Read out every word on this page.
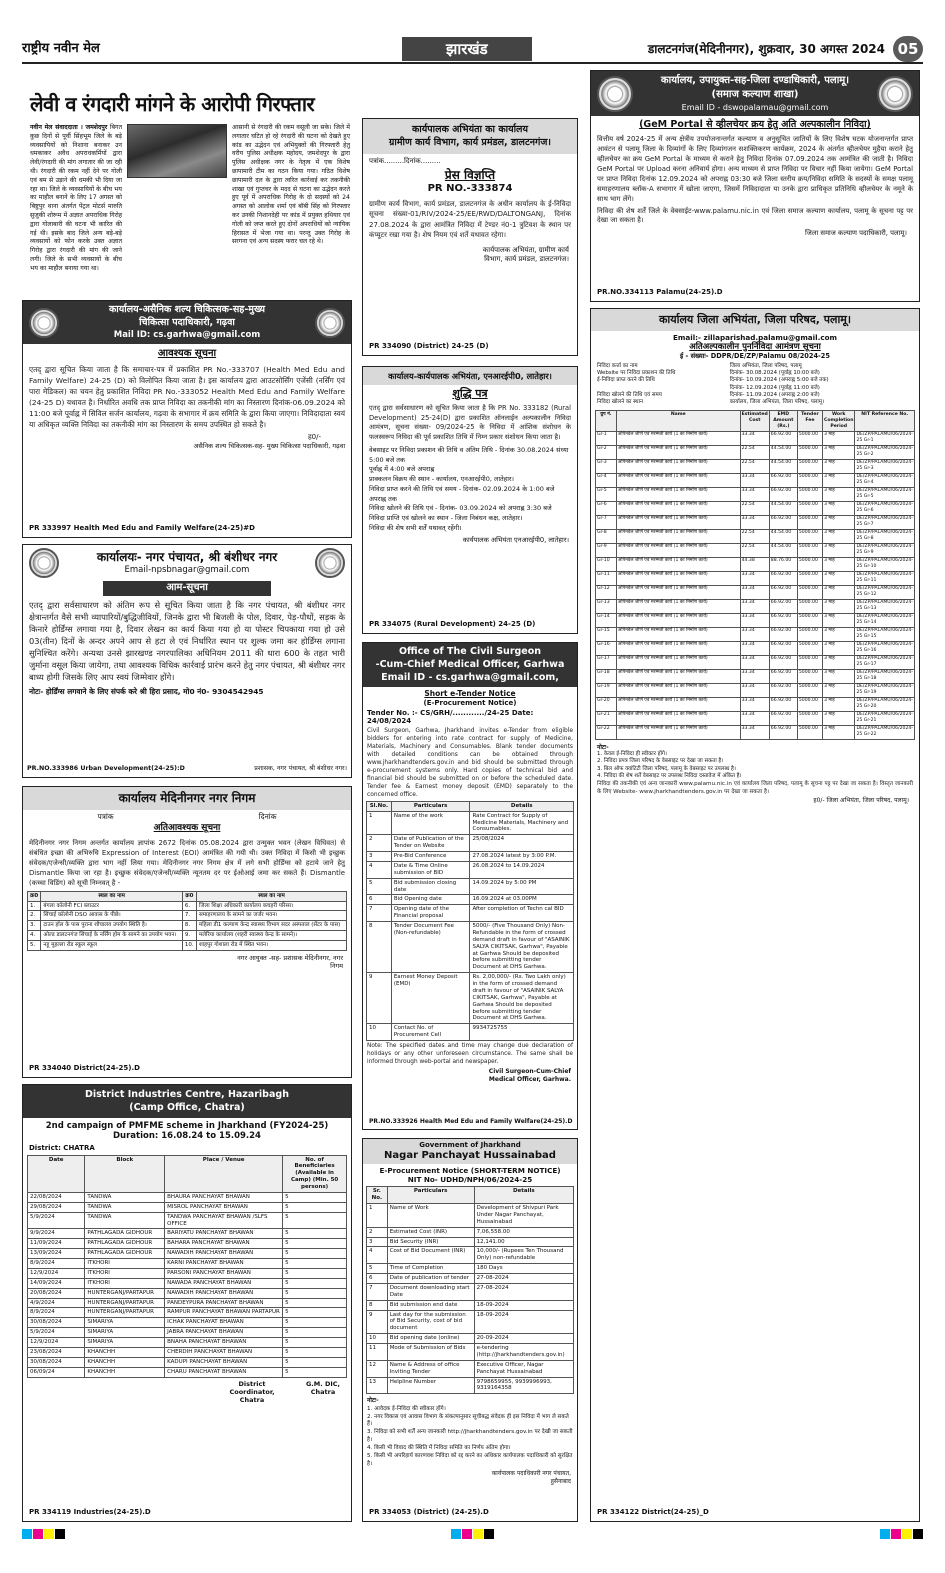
राष्ट्रीय नवीन मेल	झारखंड	डालटनगंज(मेदिनीनगर), शुक्रवार, 30 अगस्त 2024 05
लेवी व रंगदारी मांगने के आरोपी गिरफ्तार
नवीन मेल संवाददाता । जमशेदपुर बिगत कुछ दिनों से पूर्वी सिंहभूम जिले के बड़े व्यवसायियों को निशाना बनाकर उन धमकाकर अवैध अपराधकर्मियों द्वारा लेवी/रंगदारी की मांग लगातार की जा रही थी। रंगदारी की रकम नहीं देने पर गोली एवं बम से उड़ाने की धमकी भी दिया जा रहा था। जिले के व्यवसायियों के बीच भय का माहौल बनाने के लिए 17 अगस्त को बिष्टुपुर थाना अंतर्गत पेंट्रल मोटर्स मारुति सुजुकी शोरूम में अज्ञात अपराधिक गिरोह द्वारा गोलाबारी की घटना भी कारित की गई थी। इसके बाद जिले अन्य बड़े-बड़े व्यवसायों को फोन करके उक्त अज्ञात गिरोह द्वारा रंगदारी की मांग की जाने लगी। जिले के सभी व्यवसायों के बीच भय का माहौल बनाया गया था।
आसानी से रंगदारी की रकम वसूली जा सके। जिले में लगातार घटित हो रहे रंगदारी की घटना को देखते हुए कांड का उद्भेदन एवं अभियुक्तों की गिरफ्तारी हेतु वरीय पुलिस अधीक्षक महोदय, जमशेदपुर के द्वारा पुलिस अधीक्षक नगर के नेतृत्व में एक विशेष छापामारी टीम का गठन किया गया। गठित विशेष छापामारी दल के द्वारा त्वरित कार्रवाई कर तकनीकी शाखा एवं गुप्तचर के मदद से घटना का उद्भेदन करते हुए पूर्व में अपराधिक गिरोह के दो सदस्यों को 24 अगस्त को आलोक शर्मा एवं बॉबी सिंह को गिरफ्तार कर उनकी निशानदेही पर कांड में प्रयुक्त हथियार एवं गोली को जप्त करते हुए दोनों अपराधियों को न्यायिक हिरासत में भेजा गया था। परन्तु उक्त गिरोह के सरगना एवं अन्य सदस्य फरार चल रहे थे।
कार्यालय-असैनिक शल्य चिकित्सक-सह-मुख्य
चिकित्सा पदाधिकारी, गढ़वा
Mail ID: cs.garhwa@gmail.com
आवश्यक सूचना
एतद् द्वारा सूचित किया जाता है कि समाचार-पत्र में प्रकाशित PR No.-333707 (Health Med Edu and Family Welfare) 24-25 (D) को विलोपित किया जाता है। इस कार्यालय द्वारा आउटसोर्सिंग एजेंसी (नर्सिंग एवं पारा मेडिकल) का चयन हेतु प्रकाशित निविदा PR No.-333052 Health Med Edu and Family Welfare (24-25 D) यथावत है। निर्धारित अवधि तक प्राप्त निविदा का तकनीकी मांग का निस्तारण दिनांक-06.09.2024 को 11:00 बजे पूर्वाह्न में सिविल सर्जन कार्यालय, गढ़वा के सभागार में क्रय समिति के द्वारा किया जाएगा। निविदादाता स्वयं या अधिकृत व्यक्ति निविदा का तकनीकी मांग का निस्तारण के समय उपस्थित हो सकते है।
ह0/-
असैनिक शल्य चिकित्सक-सह- मुख्य चिकित्सा पदाधिकारी, गढ़वा
PR 333997 Health Med Edu and Family Welfare(24-25)#D
कार्यालयः- नगर पंचायत, श्री बंशीधर नगर
Email-npsbnagar@gmail.com
आम-सूचना
एतद् द्वारा सर्वसाधारण को अंतिम रूप से सूचित किया जाता है कि नगर पंचायत, श्री बंशीधर नगर क्षेत्रान्तर्गत वैसे सभी व्यापारियों/बुद्धिजीवियों, जिनके द्वारा भी बिजली के पोल, दिवार, पेड़-पौधों, सड़क के किनारे होर्डिंग्स लगाया गया है, दिवार लेखन का कार्य किया गया हो या पोस्टर चिपकाया गया हो उसे 03(तीन) दिनों के अन्दर अपने आप से हटा ले एवं निर्धारित स्थान पर शुल्क जमा कर होर्डिंग्स लगाना सुनिश्चित करेंगे। अन्यथा उनसे झारखण्ड नगरपालिका अधिनियम 2011 की धारा 600 के तहत भारी जुर्माना वसूल किया जायेगा, तथा आवश्यक विधिक कार्रवाई प्रारंभ करने हेतु नगर पंचायत, श्री बंशीधर नगर बाध्य होगी जिसके लिए आप स्वयं जिम्मेवार होंगे।
नोटः- होर्डिंग्स लगवाने के लिए संपर्क करे श्री हिरा प्रसाद, मो0 नं0- 9304542945
PR.NO.333986 Urban Development(24-25):D	प्रशासक, नगर पंचायत, श्री बंशीधर नगर।
कार्यालय मेदिनीनगर नगर निगम
पत्रांक	दिनांक
अतिआवश्यक सूचना
मेदिनीनगर नगर निगम अन्तर्गत कार्यालय ज्ञापांक 2672 दिनांक 05.08.2024 द्वारा उन्मुक्त भवन (लेखन विधिवत) से संबंधित इच्छा की अभिरुचि Expression of Interest (EOI) आमंत्रित की गयी थी। उक्त निविदा में किसी भी इच्छुक संवेदक/एजेन्सी/व्यक्ति द्वारा भाग नहीं लिया गया। मेदिनीनगर नगर निगम क्षेत्र में लगे सभी होर्डिंग्स को हटाये जाने हेतु Dismantle किया जा रहा है। इच्छुक संवेदक/एजेन्सी/व्यक्ति न्यूनतम दर पर ईओआई जमा कर सकते हैं। Dismantle (कच्चा विडिंग) को सूची निम्नवत् है -
क्र0	स्थल का नाम	क्र0	स्थल का नाम
1.	बंगला कॉलोनी FCI ब्लाउटर	6.	जिला शिक्षा अधिकारी कार्यालय कचहरी परिसर।
2.	सिंचाई कॉलोनी DSO आवास के पीछे।	7.	समाहरणालय के सामने का जर्जर भवन।
3.	टाउन हॉल के पास पुराना शौचालय उपयोग स्थिति है।	8.	महिला डी1 कल्याण केन्द्र स्वास्थ्य विभाग सदर अस्पताल (सेंटर के पास)
4.	ओल्ड डालटनगंज सिंचाई के नर्सिंग होम के सामने का उपयोग भवन।	9.	मलेरिया कार्यालय (शहरी स्वास्थ्य केन्द्र के सामने)।
5.	नहू मुहल्ला रोड स्कूल स्कूल	10.	शाहपुर गोशाला रोड में स्थित भवन।
नगर आयुक्त -सह- प्रशासक मेदिनीनगर, नगर निगम
PR 334040 District(24-25).D
District Industries Centre, Hazaribagh
(Camp Office, Chatra)
2nd campaign of PMFME scheme in Jharkhand (FY2024-25)
Duration: 16.08.24 to 15.09.24
District: CHATRA
Date	Block	Place / Venue	No. of Beneficiaries (Available in Camp) (Min. 50 persons)
22/08/2024	TANDWA	BHAURA PANCHAYAT BHAWAN	5
29/08/2024	TANDWA	MISROL PANCHAYAT BHAWAN	5
5/9/2024	TANDWA	TANDWA PANCHAYAT BHAWAN /SLFS OFFICE	5
9/9/2024	PATHLAGADA GIDHOUR	BARIYATU PANCHAYAT BHAWAN	5
11/09/2024	PATHLAGADA GIDHOUR	BAHARA PANCHAYAT BHAWAN	5
13/09/2024	PATHLAGADA GIDHOUR	NAWADIH PANCHAYAT BHAWAN	5
8/9/2024	ITKHORI	KARNI PANCHAYAT BHAWAN	5
12/9/2024	ITKHORI	PARSONI PANCHAYAT BHAWAN	5
14/09/2024	ITKHORI	NAWADA PANCHAYAT BHAWAN	5
20/08/2024	HUNTERGANJ/PARTAPUR	NAWADIH PANCHAYAT BHAWAN	5
4/9/2024	HUNTERGANJ/PARTAPUR	PANDEYPURA PANCHAYAT BHAWAN	5
8/9/2024	HUNTERGANJ/PARTAPUR	RAMPUR PANCHAYAT BHAWAN PARTAPUR	5
30/08/2024	SIMARIYA	ICHAK PANCHAYAT BHAWAN	5
5/9/2024	SIMARIYA	JABRA PANCHAYAT BHAWAN	5
12/9/2024	SIMARIYA	BNAHA PANCHAYAT BHAWAN	5
23/08/2024	KHANCHH	CHERDIH PANCHAYAT BHAWAN	5
30/08/2024	KHANCHH	KADUPI PANCHAYAT BHAWAN	5
06/09/24	KHANCHH	CHARU PANCHAYAT BHAWAN	5
District Coordinator, Chatra
G.M. DIC, Chatra
PR 334119 Industries(24-25).D
कार्यपालक अभियंता का कार्यालय
ग्रामीण कार्य विभाग, कार्य प्रमंडल, डालटनगंज।
पत्रांक.........दिनांक.........
प्रेस विज्ञप्ति
PR NO.-333874
ग्रामीण कार्य विभाग, कार्य प्रमंडल, डालटनगंज के अधीन कार्यालय के ई-निविदा सूचना संख्या-01/RIV/2024-25/EE/RWD/DALTONGANJ, दिनांक 27.08.2024 के द्वारा आमंत्रित निविदा में टेण्डर नं0-1 त्रुटिवश के स्थान पर कंप्यूटर रखा गया है। शेष नियम एवं शर्ते यथावत रहेगा।
कार्यपालक अभियंता, ग्रामीण कार्य विभाग, कार्य प्रमंडल, डालटनगंज।
PR 334090 (District) 24-25 (D)
कार्यालय-कार्यपालक अभियंता, एनआरईपी0, लातेहार।
शुद्धि पत्र
एतद् द्वारा सर्वसाधारण को सूचित किया जाता है कि PR No. 333182 (Rural Development) 25-24(D) द्वारा प्रकाशित ऑनलाईन अल्पकालीन निविदा आमंत्रण, सूचना संख्या- 09/2024-25 के निविदा में आंशिक संशोधन के फलस्वरूप निविदा की पूर्व प्रकाशित तिथि में निम्न प्रकार संशोधन किया जाता है।
वेबसाइट पर निविदा प्रकाशन की तिथि व अंतिम तिथि - दिनांक 30.08.2024 संध्या 5:00 बजे तक
पूर्वाह्न में 4:00 बजे अपराह्न
प्राक्कलन विक्रय की स्थान - कार्यालय, एनआरईपी0, लातेहार।
निविदा प्राप्त करने की तिथि एवं समय - दिनांक- 02.09.2024 के 1:00 बजे अपराह्न तक
निविदा खोलने की तिथि एवं - दिनांक- 03.09.2024 को अपराह्न 3:30 बजे
निविदा प्राप्ति एवं खोलने का स्थान - जिला निबंधन कक्ष, लातेहार।
निविदा की शेष सभी शर्तें यथावत् रहेंगी।
कार्यपालक अभियंता एनआरईपी0, लातेहार।
PR 334075 (Rural Development) 24-25 (D)
Office of The Civil Surgeon
-Cum-Chief Medical Officer, Garhwa
Email ID - cs.garhwa@gmail.com,
Short e-Tender Notice
(E-Procurement Notice)
Tender No. :- CS/GRH/............/24-25 Date: 24/08/2024
Civil Surgeon, Garhwa, Jharkhand invites e-Tender from eligible bidders for entering into rate contract for supply of Medicine, Materials, Machinery and Consumables. Blank tender documents with detailed conditions can be obtained through www.jharkhandtenders.gov.in and bid should be submitted through e-procurement systems only. Hard copies of technical bid and financial bid should be submitted on or before the scheduled date. Tender fee & Earnest money deposit (EMD) separately to the concerned office.
Sl.No.	Particulars	Details
1	Name of the work	Rate Contract for Supply of Medicine Materials, Machinery and Consumables.
2	Date of Publication of the Tender on Website	25/08/2024
3	Pre-Bid Conference	27.08.2024 latest by 3:00 P.M.
4	Date & Time Online submission of BID	26.08.2024 to 14.09.2024
5	Bid submission closing date	14.09.2024 by 5:00 PM
6	Bid Opening date	16.09.2024 at 03.00PM
7	Opening date of the Financial proposal	After completion of Techn cal BID
8	Tender Document Fee (Non-refundable)	5000/- (Five Thousand Only) Non-Refundable in the form of crossed demand draft in favour of "ASAINIK SALYA CIKITSAK, Garhwa", Payable at Garhwa Should be deposited before submitting tender Document at DHS Garhwa.
9	Earnest Money Deposit (EMD)	Rs. 2,00,000/- (Rs. Two Lakh only) in the form of crossed demand draft in favour of "ASAINIK SALYA CIKITSAK, Garhwa", Payable at Garhwa Should be deposited before submitting tender Document at DHS Garhwa.
10	Contact No. of Procurement Cell	9934725755
Note: The specified dates and time may change due declaration of holidays or any other unforeseen circumstance. The same shall be informed through web-portal and newspaper.
Civil Surgeon-Cum-Chief Medical Officer, Garhwa.
PR.NO.333926 Health Med Edu and Family Welfare(24-25).D
Government of Jharkhand
Nagar Panchayat Hussainabad
E-Procurement Notice (SHORT-TERM NOTICE)
NIT No- UDHD/NPH/06/2024-25
Sr. No.	Particulars	Details
1	Name of Work	Development of Shivpuri Park Under Nagar Panchayat, Hussainabad
2	Estimated Cost (INR)	7,06,558.00
3	Bid Security (INR)	12,141.00
4	Cost of Bid Document (INR)	10,000/- (Rupees Ten Thousand Only) non-refundable
5	Time of Completion	180 Days
6	Date of publication of tender	27-08-2024
7	Document downloading start Date	27-08-2024
8	Bid submission end date	18-09-2024
9	Last day for the submission of Bid Security, cost of bid document	18-09-2024
10	Bid opening date (online)	20-09-2024
11	Mode of Submission of Bids	e-tendering (http://jharkhandtenders.gov.in)
12	Name & Address of office Inviting Tender	Executive Officer, Nagar Panchayat Hussainabad
13	Helpline Number	9798659955, 9939996993, 9319164358
नोटः-
1. आवेदक ई-निविदा की स्वीकार होंगे।
2. नगर विकास एवं आवास विभाग के संकल्पानुसार सूचीबद्ध संवेदक ही इस निविदा में भाग ले सकते हैं।
3. निविदा को सभी शर्तें अन्य जानकारी http://jharkhandtenders.gov.in पर देखी जा सकती है।
4. किसी भी विवाद की स्थिति में निविदा समिति का निर्णय अंतिम होगा।
5. किसी भी अपरिहार्य कारणवश निविदा को रद्द करने का अधिकार कार्यपालक पदाधिकारी को सुरक्षित है।
कार्यपालक पदाधिकारी नगर पंचायत, हुसैनाबाद
PR 334053 (District) (24-25).D
कार्यालय, उपायुक्त-सह-जिला दण्डाधिकारी, पलामू।
(समाज कल्याण शाखा)
Email ID - dswopalamau@gmail.com
(GeM Portal से व्हीलचेयर क्रय हेतु अति अल्पकालीन निविदा)
वित्तीय वर्ष 2024-25 में अन्य क्षेत्रीय उपयोजनान्तर्गत कल्याण व अनुसूचित जातियों के लिए विशेष घटक योजनान्तर्गत प्राप्त आवंटन से पलामू जिला के दिव्यांगों के लिए दिव्यांगजन सशक्तिकरण कार्यक्रम, 2024 के अंतर्गत व्हीलचेयर मुहैया कराने हेतु व्हीलचेयर का क्रय GeM Portal के माध्यम से कराने हेतु निविदा दिनांक 07.09.2024 तक आमंत्रित की जाती है। निविदा GeM Portal पर Upload करना अनिवार्य होगा। अन्य माध्यम से प्राप्त निविदा पर विचार नहीं किया जायेगा। GeM Portal पर प्राप्त निविदा दिनांक 12.09.2024 को अपराह्न 03:30 बजे जिला स्तरीय क्रय/निविदा समिति के सदस्यों के समक्ष पलामू समाहरणालय ब्लॉक-A सभागार में खोला जाएगा, जिसमें निविदादाता या उनके द्वारा प्राधिकृत प्रतिनिधि व्हीलचेयर के नमूने के साथ भाग लेंगे।
निविदा की शेष शर्तें जिले के वेबसाईट-www.palamu.nic.in एवं जिला समाज कल्याण कार्यालय, पलामू के सूचना पट्ट पर देखा जा सकता है।
जिला समाज कल्याण पदाधिकारी, पलामू।
PR.NO.334113 Palamu(24-25).D
कार्यालय जिला अभियंता, जिला परिषद, पलामू।
Email:- zillaparishad.palamu@gmail.com
अतिअल्पकालीन पुनर्निविदा आमंत्रण सूचना
ई - संख्याः- DDPR/DE/ZP/Palamu 08/2024-25
निविदा कर्त्ता का नाम	जिला अभियंता, जिला परिषद, पलामू
Website पर निविदा प्रकाशन की तिथि	दिनांक- 30.08.2024 (पूर्वाह्न 10:00 बजे)
ई-निविदा प्राप्त करने की तिथि	दिनांक- 10.09.2024 (अपराह्न 5:00 बजे तक)
दिनांक- 12.09.2024 (पूर्वाह्न 11:00 बजे)
निविदा खोलने की तिथि एवं समय	दिनांक- 11.09.2024 (अपराह्न 2:00 बजे)
निविदा खोलने का स्थान	कार्यालय, जिला अभियंता, जिला परिषद, पलामू।
ग्रुप नं.	Name	Estimated Cost	EMD Amount (Rs.)	Tender Fee	Work Completion Period	NIT Reference No.
Gr-1	ओपेनवेल जीर्ण एवं मरम्मती कार्य (1 का निर्माण कार्य)	33.34	66.92.00	5000.00	3 माह	DE/ZP/PALAMU/06/2024-25 Gr-1
Gr-2	ओपेनवेल जीर्ण एवं मरम्मती कार्य (1 का निर्माण कार्य)	22.54	44.54.00	5000.00	3 माह	DE/ZP/PALAMU/06/2024-25 Gr-2
Gr-3	ओपेनवेल जीर्ण एवं मरम्मती कार्य (1 का निर्माण कार्य)	22.54	44.54.00	5000.00	3 माह	DE/ZP/PALAMU/06/2024-25 Gr-3
Gr-4	ओपेनवेल जीर्ण एवं मरम्मती कार्य (1 का निर्माण कार्य)	33.34	66.92.00	5000.00	3 माह	DE/ZP/PALAMU/06/2024-25 Gr-4
Gr-5	ओपेनवेल जीर्ण एवं मरम्मती कार्य (1 का निर्माण कार्य)	33.34	66.92.00	5000.00	3 माह	DE/ZP/PALAMU/06/2024-25 Gr-5
Gr-6	ओपेनवेल जीर्ण एवं मरम्मती कार्य (1 का निर्माण कार्य)	22.54	44.54.00	5000.00	3 माह	DE/ZP/PALAMU/06/2024-25 Gr-6
Gr-7	ओपेनवेल जीर्ण एवं मरम्मती कार्य (1 का निर्माण कार्य)	33.34	66.92.00	5000.00	3 माह	DE/ZP/PALAMU/06/2024-25 Gr-7
Gr-8	ओपेनवेल जीर्ण एवं मरम्मती कार्य (1 का निर्माण कार्य)	22.54	44.54.00	5000.00	3 माह	DE/ZP/PALAMU/06/2024-25 Gr-8
Gr-9	ओपेनवेल जीर्ण एवं मरम्मती कार्य (1 का निर्माण कार्य)	22.54	44.54.00	5000.00	3 माह	DE/ZP/PALAMU/06/2024-25 Gr-9
Gr-10	ओपेनवेल जीर्ण एवं मरम्मती कार्य (1 का निर्माण कार्य)	44.38	88.76.00	5000.00	3 माह	DE/ZP/PALAMU/06/2024-25 Gr-10
Gr-11	ओपेनवेल जीर्ण एवं मरम्मती कार्य (1 का निर्माण कार्य)	33.34	66.92.00	5000.00	3 माह	DE/ZP/PALAMU/06/2024-25 Gr-11
Gr-12	ओपेनवेल जीर्ण एवं मरम्मती कार्य (1 का निर्माण कार्य)	33.34	66.92.00	5000.00	3 माह	DE/ZP/PALAMU/06/2024-25 Gr-12
Gr-13	ओपेनवेल जीर्ण एवं मरम्मती कार्य (1 का निर्माण कार्य)	33.34	66.92.00	5000.00	3 माह	DE/ZP/PALAMU/06/2024-25 Gr-13
Gr-14	ओपेनवेल जीर्ण एवं मरम्मती कार्य (1 का निर्माण कार्य)	33.34	66.92.00	5000.00	3 माह	DE/ZP/PALAMU/06/2024-25 Gr-14
Gr-15	ओपेनवेल जीर्ण एवं मरम्मती कार्य (1 का निर्माण कार्य)	33.34	66.92.00	5000.00	3 माह	DE/ZP/PALAMU/06/2024-25 Gr-15
Gr-16	ओपेनवेल जीर्ण एवं मरम्मती कार्य (1 का निर्माण कार्य)	33.34	66.92.00	5000.00	3 माह	DE/ZP/PALAMU/06/2024-25 Gr-16
Gr-17	ओपेनवेल जीर्ण एवं मरम्मती कार्य (1 का निर्माण कार्य)	33.34	66.92.00	5000.00	3 माह	DE/ZP/PALAMU/06/2024-25 Gr-17
Gr-18	ओपेनवेल जीर्ण एवं मरम्मती कार्य (1 का निर्माण कार्य)	33.34	66.92.00	5000.00	3 माह	DE/ZP/PALAMU/06/2024-25 Gr-18
Gr-19	ओपेनवेल जीर्ण एवं मरम्मती कार्य (1 का निर्माण कार्य)	33.34	66.92.00	5000.00	3 माह	DE/ZP/PALAMU/06/2024-25 Gr-19
Gr-20	ओपेनवेल जीर्ण एवं मरम्मती कार्य (1 का निर्माण कार्य)	33.34	66.92.00	5000.00	3 माह	DE/ZP/PALAMU/06/2024-25 Gr-20
Gr-21	ओपेनवेल जीर्ण एवं मरम्मती कार्य (1 का निर्माण कार्य)	33.34	66.92.00	5000.00	3 माह	DE/ZP/PALAMU/06/2024-25 Gr-21
Gr-22	ओपेनवेल जीर्ण एवं मरम्मती कार्य (1 का निर्माण कार्य)	33.34	66.92.00	5000.00	3 माह	DE/ZP/PALAMU/06/2024-25 Gr-22
नोटः-
1. केवल ई-निविदा ही स्वीकार होंगे।
2. निविदा प्रपत्र जिला परिषद के वेबसाइट पर देखा जा सकता है।
3. बिल ऑफ क्वांटिटी जिला परिषद, पलामू के वेबसाइट पर उपलब्ध है।
4. निविदा की शेष शर्तें वेबसाइट पर उपलब्ध निविदा दस्तावेज में अंकित है।
निविदा की तकनीकी एवं अन्य जानकारी www.palamu.nic.in एवं कार्यालय जिला परिषद, पलामू के सूचना पट्ट पर देखा जा सकता है। विस्तृत जानकारी के लिए Website- www.jharkhandtenders.gov.in पर देखा जा सकता है।
ह0/- जिला अभियंता, जिला परिषद, पलामू।
PR 334122 District(24-25)_D
